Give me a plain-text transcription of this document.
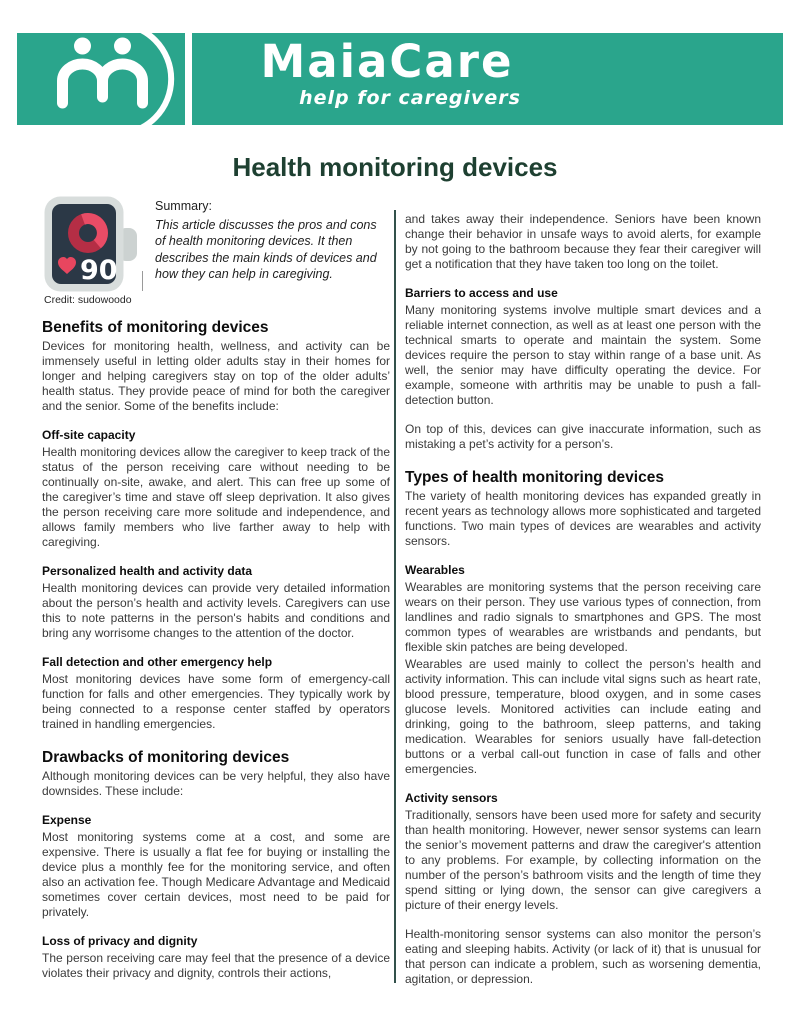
MaiaCare
help for caregivers
Health monitoring devices
90
Credit: sudowoodo
Summary:
This article discusses the pros and cons
of health monitoring devices. It then
describes the main kinds of devices and
how they can help in caregiving.
Benefits of monitoring devices

Devices for monitoring health, wellness, and activity can be immensely useful in letting older adults stay in their homes for longer and helping caregivers stay on top of the older adults’ health status. They provide peace of mind for both the caregiver and the senior. Some of the benefits include:

Off-site capacity

Health monitoring devices allow the caregiver to keep track of the status of the person receiving care without needing to be continually on-site, awake, and alert. This can free up some of the caregiver’s time and stave off sleep deprivation. It also gives the person receiving care more solitude and independence, and allows family members who live farther away to help with caregiving.

Personalized health and activity data

Health monitoring devices can provide very detailed information about the person’s health and activity levels. Caregivers can use this to note patterns in the person's habits and conditions and bring any worrisome changes to the attention of the doctor.

Fall detection and other emergency help

Most monitoring devices have some form of emergency-call function for falls and other emergencies. They typically work by being connected to a response center staffed by operators trained in handling emergencies.

Drawbacks of monitoring devices

Although monitoring devices can be very helpful, they also have downsides. These include:

Expense

Most monitoring systems come at a cost, and some are expensive. There is usually a flat fee for buying or installing the device plus a monthly fee for the monitoring service, and often also an activation fee. Though Medicare Advantage and Medicaid sometimes cover certain devices, most need to be paid for privately.

Loss of privacy and dignity

The person receiving care may feel that the presence of a device violates their privacy and dignity, controls their actions,

and takes away their independence. Seniors have been known change their behavior in unsafe ways to avoid alerts, for example by not going to the bathroom because they fear their caregiver will get a notification that they have taken too long on the toilet.

Barriers to access and use

Many monitoring systems involve multiple smart devices and a reliable internet connection, as well as at least one person with the technical smarts to operate and maintain the system. Some devices require the person to stay within range of a base unit. As well, the senior may have difficulty operating the device. For example, someone with arthritis may be unable to push a fall-detection button.

On top of this, devices can give inaccurate information, such as mistaking a pet’s activity for a person’s.

Types of health monitoring devices

The variety of health monitoring devices has expanded greatly in recent years as technology allows more sophisticated and targeted functions. Two main types of devices are wearables and activity sensors.

Wearables

Wearables are monitoring systems that the person receiving care wears on their person. They use various types of connection, from landlines and radio signals to smartphones and GPS. The most common types of wearables are wristbands and pendants, but flexible skin patches are being developed.

Wearables are used mainly to collect the person’s health and activity information. This can include vital signs such as heart rate, blood pressure, temperature, blood oxygen, and in some cases glucose levels. Monitored activities can include eating and drinking, going to the bathroom, sleep patterns, and taking medication. Wearables for seniors usually have fall-detection buttons or a verbal call-out function in case of falls and other emergencies.

Activity sensors

Traditionally, sensors have been used more for safety and security than health monitoring. However, newer sensor systems can learn the senior’s movement patterns and draw the caregiver's attention to any problems. For example, by collecting information on the number of the person’s bathroom visits and the length of time they spend sitting or lying down, the sensor can give caregivers a picture of their energy levels.

Health-monitoring sensor systems can also monitor the person’s eating and sleeping habits. Activity (or lack of it) that is unusual for that person can indicate a problem, such as worsening dementia, agitation, or depression.
